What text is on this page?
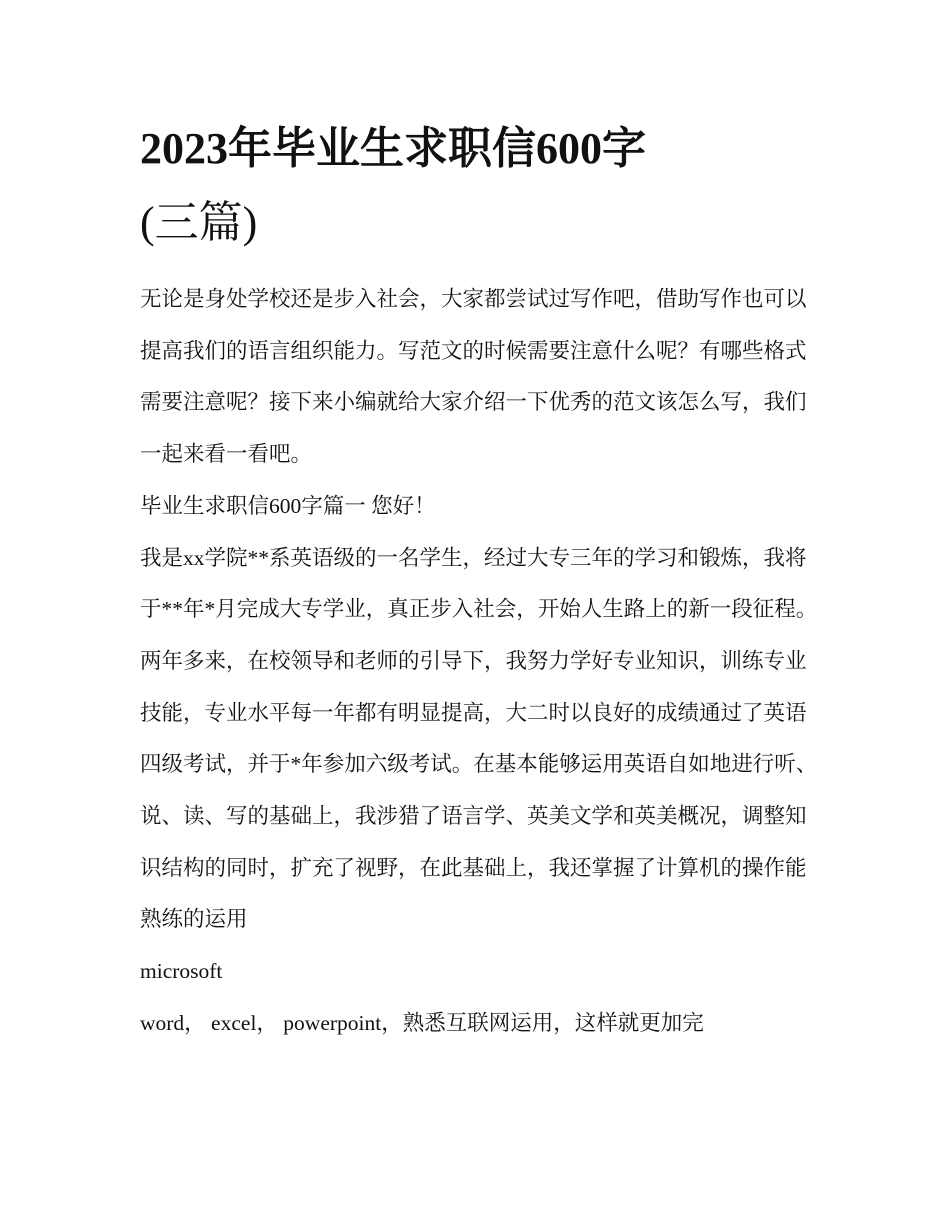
2023年毕业生求职信600字
(三篇)

无论是身处学校还是步入社会，大家都尝试过写作吧，借助写作也可以提高我们的语言组织能力。写范文的时候需要注意什么呢？有哪些格式需要注意呢？接下来小编就给大家介绍一下优秀的范文该怎么写，我们一起来看一看吧。

毕业生求职信600字篇一 您好！

我是xx学院**系英语级的一名学生，经过大专三年的学习和锻炼，我将于**年*月完成大专学业，真正步入社会，开始人生路上的新一段征程。

两年多来，在校领导和老师的引导下，我努力学好专业知识，训练专业技能，专业水平每一年都有明显提高，大二时以良好的成绩通过了英语四级考试，并于*年参加六级考试。在基本能够运用英语自如地进行听、说、读、写的基础上，我涉猎了语言学、英美文学和英美概况，调整知识结构的同时，扩充了视野，在此基础上，我还掌握了计算机的操作能熟练的运用

microsoft

word， excel， powerpoint，熟悉互联网运用，这样就更加完
